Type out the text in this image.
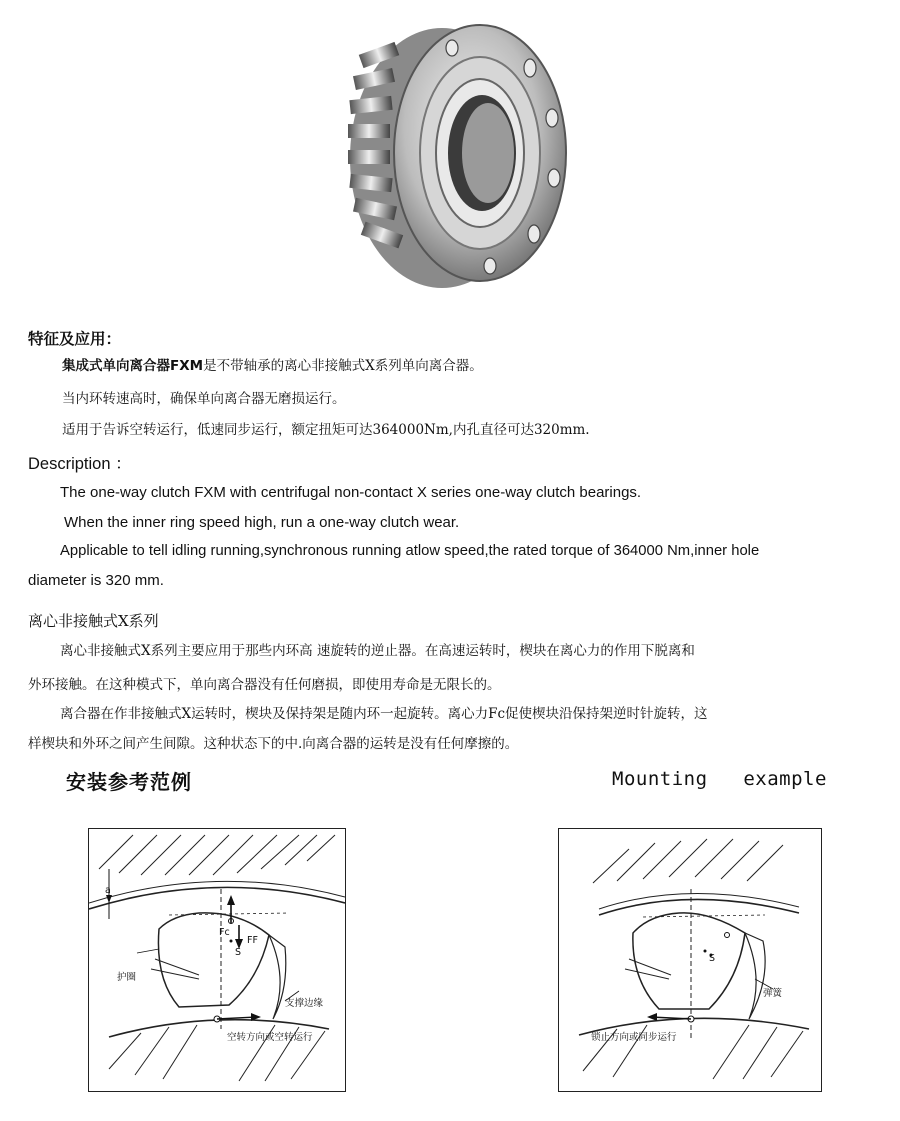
特征及应用：
集成式单向离合器FXM是不带轴承的离心非接触式X系列单向离合器。
当内环转速高时，确保单向离合器无磨损运行。
适用于告诉空转运行，低速同步运行，额定扭矩可达364000Nm,内孔直径可达320mm.
Description ：
The one-way clutch FXM with centrifugal non-contact X series one-way clutch bearings.
When the inner ring speed high, run a one-way clutch wear.
Applicable to tell idling running,synchronous running atlow speed,the rated torque of 364000 Nm,inner hole
diameter is 320 mm.
离心非接触式X系列
离心非接触式X系列主要应用于那些内环高 速旋转的逆止器。在高速运转时，楔块在离心力的作用下脱离和
外环接触。在这种模式下，单向离合器没有任何磨损，即使用寿命是无限长的。
离合器在作非接触式X运转时，楔块及保持架是随内环一起旋转。离心力Fc促使楔块沿保持架逆时针旋转，这
样楔块和外环之间产生间隙。这种状态下的中.向离合器的运转是没有任何摩擦的。
安装参考范例	Mounting   example
a
Fc
FF
S
护圈
支撑边缘
空转方向或空转运行
S
弹簧
锁止方向或同步运行
